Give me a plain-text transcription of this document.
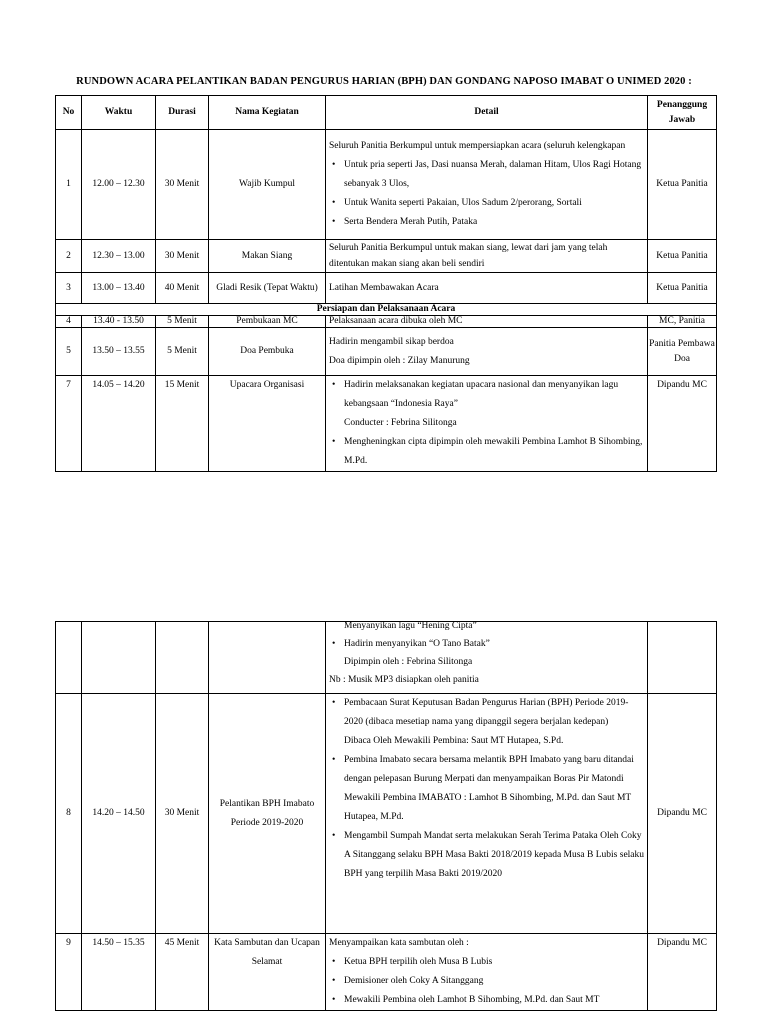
RUNDOWN ACARA PELANTIKAN BADAN PENGURUS HARIAN (BPH) DAN GONDANG NAPOSO IMABAT O UNIMED 2020 :
No	Waktu	Durasi	Nama Kegiatan	Detail	Penanggung Jawab
1	12.00 – 12.30	30 Menit	Wajib Kumpul	Seluruh Panitia Berkumpul untuk mempersiapkan acara (seluruh kelengkapan
• Untuk pria seperti Jas, Dasi nuansa Merah, dalaman Hitam, Ulos Ragi Hotang sebanyak 3 Ulos,
• Untuk Wanita seperti Pakaian, Ulos Sadum 2/perorang, Sortali
• Serta Bendera Merah Putih, Pataka	Ketua Panitia
2	12.30 – 13.00	30 Menit	Makan Siang	Seluruh Panitia Berkumpul untuk makan siang, lewat dari jam yang telah ditentukan makan siang akan beli sendiri	Ketua Panitia
3	13.00 – 13.40	40 Menit	Gladi Resik (Tepat Waktu)	Latihan Membawakan Acara	Ketua Panitia
Persiapan dan Pelaksanaan Acara					
4	13.40 - 13.50	5 Menit	Pembukaan MC	Pelaksanaan acara dibuka oleh MC	MC, Panitia
5	13.50 – 13.55	5 Menit	Doa Pembuka	Hadirin mengambil sikap berdoa
Doa dipimpin oleh : Zilay Manurung	Panitia Pembawa Doa
7	14.05 – 14.20	15 Menit	Upacara Organisasi	• Hadirin melaksanakan kegiatan upacara nasional dan menyanyikan lagu kebangsaan “Indonesia Raya”
Conducter : Febrina Silitonga
• Mengheningkan cipta dipimpin oleh mewakili Pembina Lamhot B Sihombing, M.Pd.	Dipandu MC

				Menyanyikan lagu “Hening Cipta”
• Hadirin menyanyikan “O Tano Batak”
Dipimpin oleh : Febrina Silitonga
Nb : Musik MP3 disiapkan oleh panitia

8	14.20 – 14.50	30 Menit	Pelantikan BPH Imabato Periode 2019-2020	• Pembacaan Surat Keputusan Badan Pengurus Harian (BPH) Periode 2019-2020 (dibaca mesetiap nama yang dipanggil segera berjalan kedepan)
Dibaca Oleh Mewakili Pembina: Saut MT Hutapea, S.Pd.
• Pembina Imabato secara bersama melantik BPH Imabato yang baru ditandai dengan pelepasan Burung Merpati dan menyampaikan Boras Pir Matondi
Mewakili Pembina IMABATO : Lamhot B Sihombing, M.Pd. dan Saut MT Hutapea, M.Pd.
• Mengambil Sumpah Mandat serta melakukan Serah Terima Pataka Oleh Coky A Sitanggang selaku BPH Masa Bakti 2018/2019 kepada Musa B Lubis selaku BPH yang terpilih Masa Bakti 2019/2020	Dipandu MC
9	14.50 – 15.35	45 Menit	Kata Sambutan dan Ucapan Selamat	Menyampaikan kata sambutan oleh :
• Ketua BPH terpilih oleh Musa B Lubis
• Demisioner oleh Coky A Sitanggang
• Mewakili Pembina oleh Lamhot B Sihombing, M.Pd. dan Saut MT	Dipandu MC
